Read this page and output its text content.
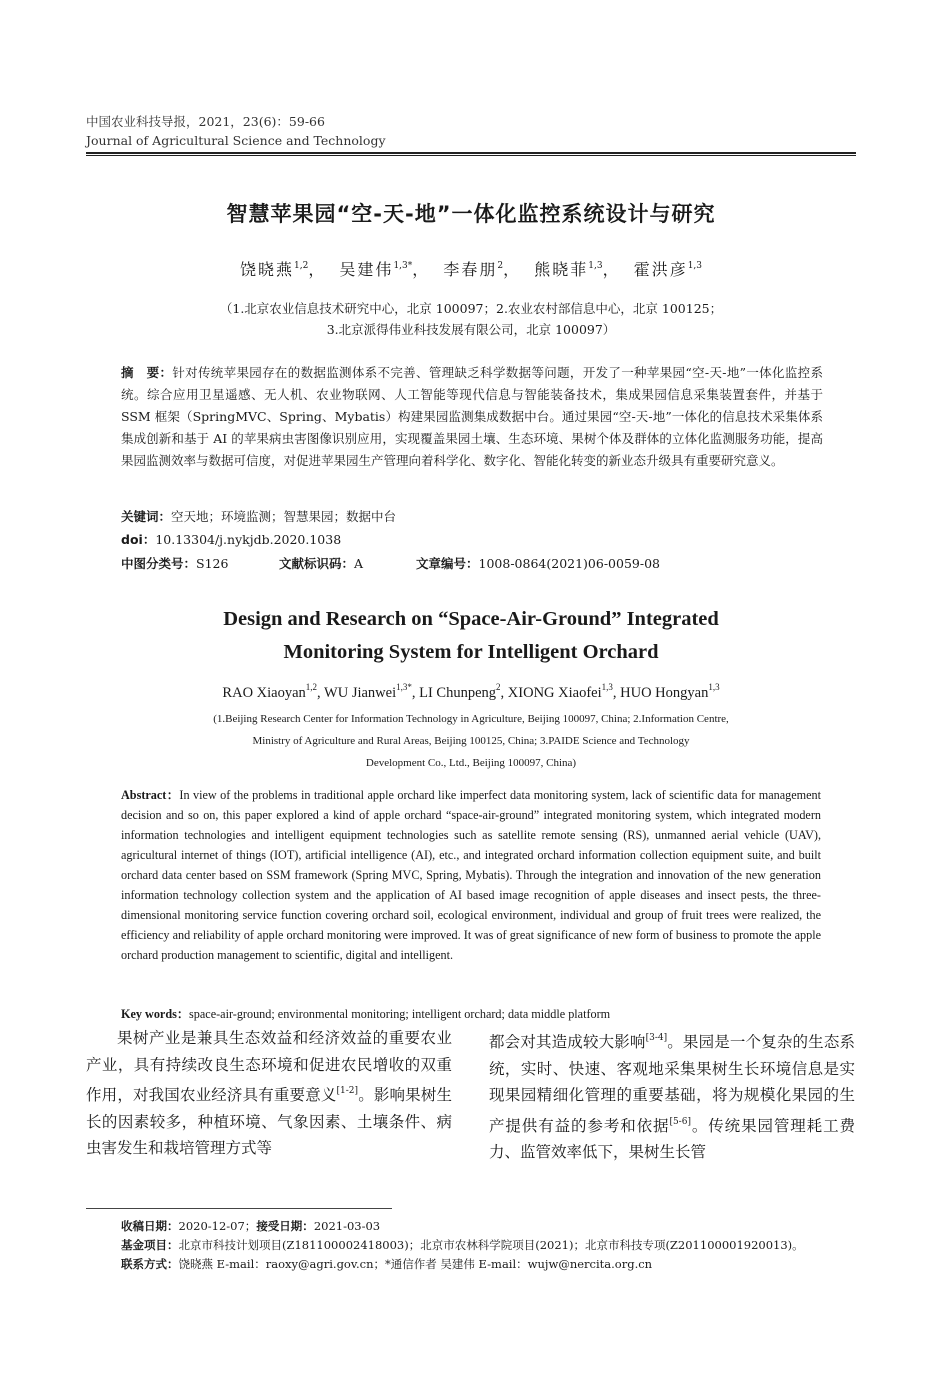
中国农业科技导报，2021，23(6)：59-66
Journal of Agricultural Science and Technology
智慧苹果园“空-天-地”一体化监控系统设计与研究
饶晓燕$^{1,2}$， 吴建伟$^{1,3*}$， 李春朋$^2$， 熊晓菲$^{1,3}$， 霍洪彦$^{1,3}$
（1.北京农业信息技术研究中心，北京 100097；2.农业农村部信息中心，北京 100125；
3.北京派得伟业科技发展有限公司，北京 100097）
摘　要：针对传统苹果园存在的数据监测体系不完善、管理缺乏科学数据等问题，开发了一种苹果园“空-天-地”一体化监控系统。综合应用卫星遥感、无人机、农业物联网、人工智能等现代信息与智能装备技术，集成果园信息采集装置套件，并基于 SSM 框架（SpringMVC、Spring、Mybatis）构建果园监测集成数据中台。通过果园“空-天-地”一体化的信息技术采集体系集成创新和基于 AI 的苹果病虫害图像识别应用，实现覆盖果园土壤、生态环境、果树个体及群体的立体化监测服务功能，提高果园监测效率与数据可信度，对促进苹果园生产管理向着科学化、数字化、智能化转变的新业态升级具有重要研究意义。
关键词：空天地；环境监测；智慧果园；数据中台
doi：10.13304/j.nykjdb.2020.1038
中图分类号：S126	文献标识码：A	文章编号：1008-0864(2021)06-0059-08
Design and Research on “Space-Air-Ground” Integrated
Monitoring System for Intelligent Orchard
RAO Xiaoyan$^{1,2}$, WU Jianwei$^{1,3*}$, LI Chunpeng$^2$, XIONG Xiaofei$^{1,3}$, HUO Hongyan$^{1,3}$
(1.Beijing Research Center for Information Technology in Agriculture, Beijing 100097, China; 2.Information Centre,
Ministry of Agriculture and Rural Areas, Beijing 100125, China; 3.PAIDE Science and Technology
Development Co., Ltd., Beijing 100097, China)
Abstract：In view of the problems in traditional apple orchard like imperfect data monitoring system, lack of scientific data for management decision and so on, this paper explored a kind of apple orchard “space-air-ground” integrated monitoring system, which integrated modern information technologies and intelligent equipment technologies such as satellite remote sensing (RS), unmanned aerial vehicle (UAV), agricultural internet of things (IOT), artificial intelligence (AI), etc., and integrated orchard information collection equipment suite, and built orchard data center based on SSM framework (Spring MVC, Spring, Mybatis). Through the integration and innovation of the new generation information technology collection system and the application of AI based image recognition of apple diseases and insect pests, the three-dimensional monitoring service function covering orchard soil, ecological environment, individual and group of fruit trees were realized, the efficiency and reliability of apple orchard monitoring were improved. It was of great significance of new form of business to promote the apple orchard production management to scientific, digital and intelligent.
Key words：space-air-ground; environmental monitoring; intelligent orchard; data middle platform

果树产业是兼具生态效益和经济效益的重要农业产业，具有持续改良生态环境和促进农民增收的双重作用，对我国农业经济具有重要意义[1-2]。影响果树生长的因素较多，种植环境、气象因素、土壤条件、病虫害发生和栽培管理方式等

都会对其造成较大影响[3-4]。果园是一个复杂的生态系统，实时、快速、客观地采集果树生长环境信息是实现果园精细化管理的重要基础，将为规模化果园的生产提供有益的参考和依据[5-6]。传统果园管理耗工费力、监管效率低下，果树生长管

收稿日期：2020-12-07；接受日期：2021-03-03
基金项目：北京市科技计划项目(Z181100002418003)；北京市农林科学院项目(2021)；北京市科技专项(Z201100001920013)。
联系方式：饶晓燕 E-mail：raoxy@agri.gov.cn；*通信作者 吴建伟 E-mail：wujw@nercita.org.cn
